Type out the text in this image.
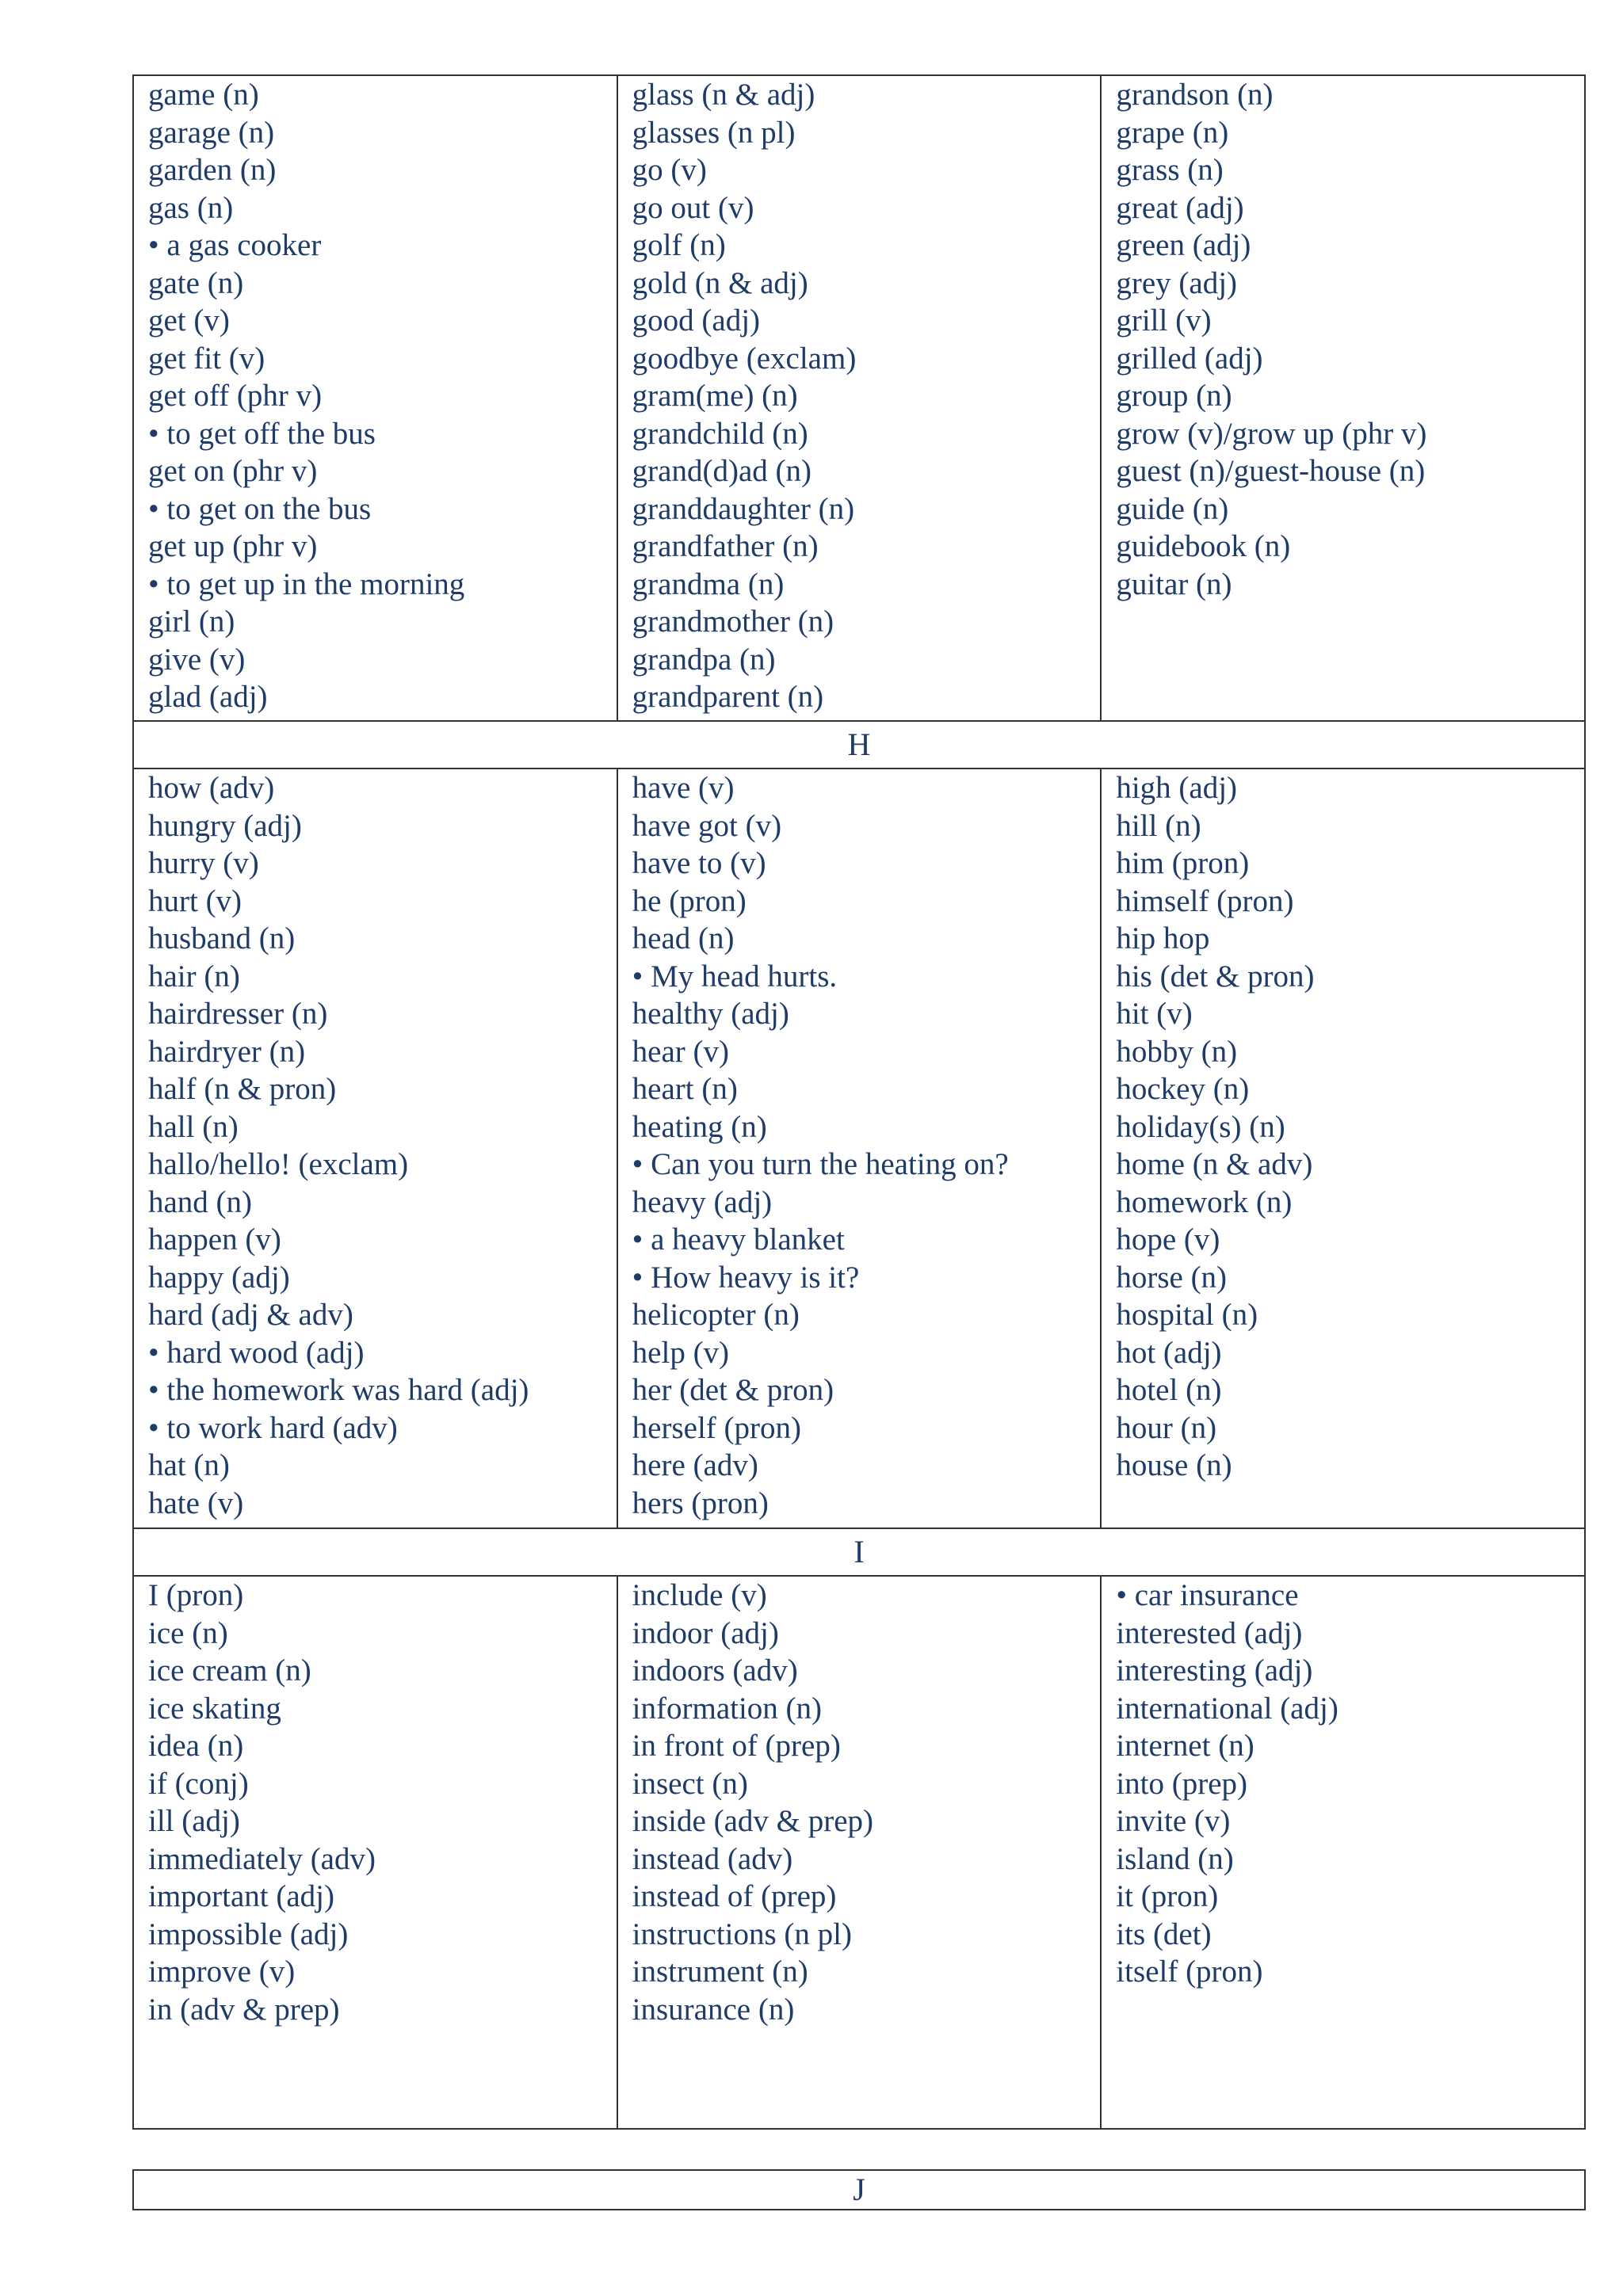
game (n)
garage (n)
garden (n)
gas (n)
• a gas cooker
gate (n)
get (v)
get fit (v)
get off (phr v)
• to get off the bus
get on (phr v)
• to get on the bus
get up (phr v)
• to get up in the morning
girl (n)
give (v)
glad (adj)
glass (n & adj)
glasses (n pl)
go (v)
go out (v)
golf (n)
gold (n & adj)
good (adj)
goodbye (exclam)
gram(me) (n)
grandchild (n)
grand(d)ad (n)
granddaughter (n)
grandfather (n)
grandma (n)
grandmother (n)
grandpa (n)
grandparent (n)
grandson (n)
grape (n)
grass (n)
great (adj)
green (adj)
grey (adj)
grill (v)
grilled (adj)
group (n)
grow (v)/grow up (phr v)
guest (n)/guest-house (n)
guide (n)
guidebook (n)
guitar (n)
H
how (adv)
hungry (adj)
hurry (v)
hurt (v)
husband (n)
hair (n)
hairdresser (n)
hairdryer (n)
half (n & pron)
hall (n)
hallo/hello! (exclam)
hand (n)
happen (v)
happy (adj)
hard (adj & adv)
• hard wood (adj)
• the homework was hard (adj)
• to work hard (adv)
hat (n)
hate (v)
have (v)
have got (v)
have to (v)
he (pron)
head (n)
• My head hurts.
healthy (adj)
hear (v)
heart (n)
heating (n)
• Can you turn the heating on?
heavy (adj)
• a heavy blanket
• How heavy is it?
helicopter (n)
help (v)
her (det & pron)
herself (pron)
here (adv)
hers (pron)
high (adj)
hill (n)
him (pron)
himself (pron)
hip hop
his (det & pron)
hit (v)
hobby (n)
hockey (n)
holiday(s) (n)
home (n & adv)
homework (n)
hope (v)
horse (n)
hospital (n)
hot (adj)
hotel (n)
hour (n)
house (n)
I
I (pron)
ice (n)
ice cream (n)
ice skating
idea (n)
if (conj)
ill (adj)
immediately (adv)
important (adj)
impossible (adj)
improve (v)
in (adv & prep)
include (v)
indoor (adj)
indoors (adv)
information (n)
in front of (prep)
insect (n)
inside (adv & prep)
instead (adv)
instead of (prep)
instructions (n pl)
instrument (n)
insurance (n)
• car insurance
interested (adj)
interesting (adj)
international (adj)
internet (n)
into (prep)
invite (v)
island (n)
it (pron)
its (det)
itself (pron)
J
